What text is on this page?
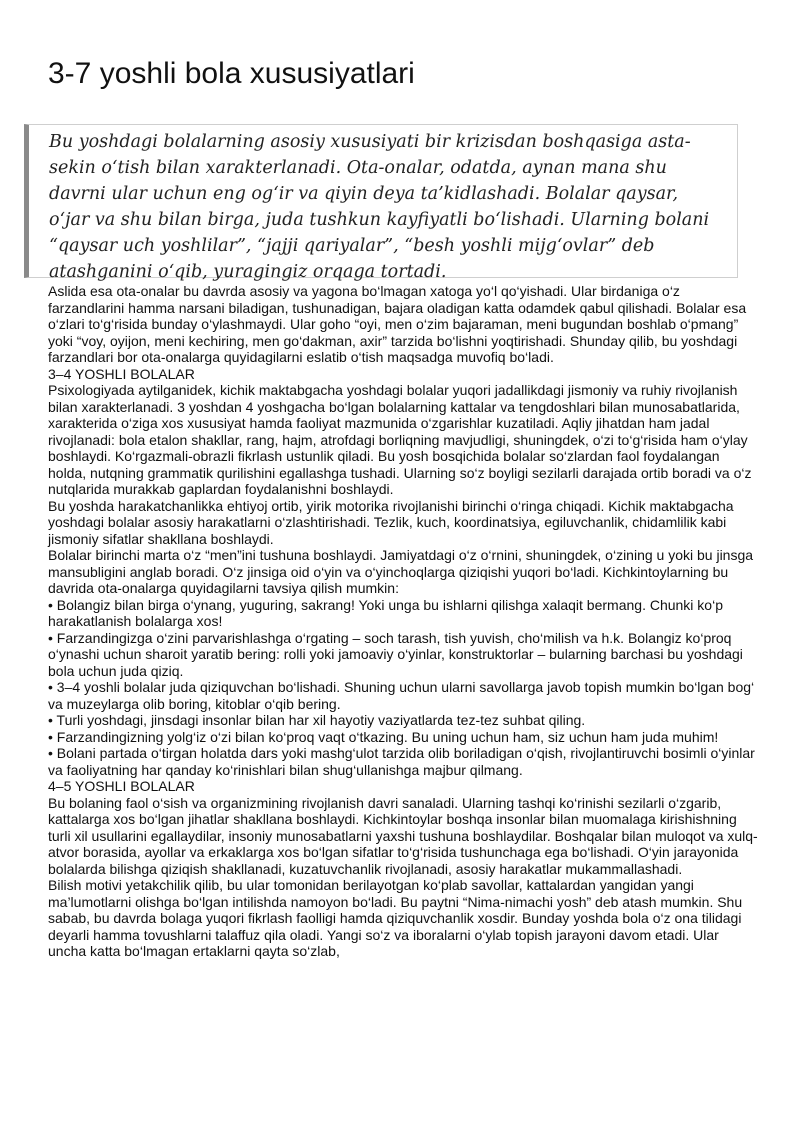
3-7 yoshli bola xususiyatlari

Bu yoshdagi bolalarning asosiy xususiyati bir krizisdan boshqasiga asta-sekin o‘tish bilan xarakterlanadi. Ota-onalar, odatda, aynan mana shu davrni ular uchun eng og‘ir va qiyin deya ta’kidlashadi. Bolalar qaysar, o‘jar va shu bilan birga, juda tushkun kayfiyatli bo‘lishadi. Ularning bolani “qaysar uch yoshlilar”, “jajji qariyalar”, “besh yoshli mijg‘ovlar” deb atashganini o‘qib, yuragingiz orqaga tortadi.

Aslida esa ota-onalar bu davrda asosiy va yagona bo‘lmagan xatoga yo‘l qo‘yishadi. Ular birdaniga o‘z farzandlarini hamma narsani biladigan, tushunadigan, bajara oladigan katta odamdek qabul qilishadi. Bolalar esa o‘zlari to‘g‘risida bunday o‘ylashmaydi. Ular goho “oyi, men o‘zim bajaraman, meni bugundan boshlab o‘pmang” yoki “voy, oyijon, meni kechiring, men go‘dakman, axir” tarzida bo‘lishni yoqtirishadi. Shunday qilib, bu yoshdagi farzandlari bor ota-onalarga quyidagilarni eslatib o‘tish maqsadga muvofiq bo‘ladi.

3–4 YOSHLI BOLALAR

Psixologiyada aytilganidek, kichik maktabgacha yoshdagi bolalar yuqori jadallikdagi jismoniy va ruhiy rivojlanish bilan xarakterlanadi. 3 yoshdan 4 yoshgacha bo‘lgan bolalarning kattalar va tengdoshlari bilan munosabatlarida, xarakterida o‘ziga xos xususiyat hamda faoliyat mazmunida o‘zgarishlar kuzatiladi. Aqliy jihatdan ham jadal rivojlanadi: bola etalon shakllar, rang, hajm, atrofdagi borliqning mavjudligi, shuningdek, o‘zi to‘g‘risida ham o‘ylay boshlaydi. Ko‘rgazmali-obrazli fikrlash ustunlik qiladi. Bu yosh bosqichida bolalar so‘zlardan faol foydalangan holda, nutqning grammatik qurilishini egallashga tushadi. Ularning so‘z boyligi sezilarli darajada ortib boradi va o‘z nutqlarida murakkab gaplardan foydalanishni boshlaydi.

Bu yoshda harakatchanlikka ehtiyoj ortib, yirik motorika rivojlanishi birinchi o‘ringa chiqadi. Kichik maktabgacha yoshdagi bolalar asosiy harakatlarni o‘zlashtirishadi. Tezlik, kuch, koordinatsiya, egiluvchanlik, chidamlilik kabi jismoniy sifatlar shakllana boshlaydi.

Bolalar birinchi marta o‘z “men”ini tushuna boshlaydi. Jamiyatdagi o‘z o‘rnini, shuningdek, o‘zining u yoki bu jinsga mansubligini anglab boradi. O‘z jinsiga oid o‘yin va o‘yinchoqlarga qiziqishi yuqori bo‘ladi. Kichkintoylarning bu davrida ota-onalarga quyidagilarni tavsiya qilish mumkin:

• Bolangiz bilan birga o‘ynang, yuguring, sakrang! Yoki unga bu ishlarni qilishga xalaqit bermang. Chunki ko‘p harakatlanish bolalarga xos!

• Farzandingizga o‘zini parvarishlashga o‘rgating – soch tarash, tish yuvish, cho‘milish va h.k. Bolangiz ko‘proq o‘ynashi uchun sharoit yaratib bering: rolli yoki jamoaviy o‘yinlar, konstruktorlar – bularning barchasi bu yoshdagi bola uchun juda qiziq.

• 3–4 yoshli bolalar juda qiziquvchan bo‘lishadi. Shuning uchun ularni savollarga javob topish mumkin bo‘lgan bog‘ va muzeylarga olib boring, kitoblar o‘qib bering.

• Turli yoshdagi, jinsdagi insonlar bilan har xil hayotiy vaziyatlarda tez-tez suhbat qiling.

• Farzandingizning yolg‘iz o‘zi bilan ko‘proq vaqt o‘tkazing. Bu uning uchun ham, siz uchun ham juda muhim!

• Bolani partada o‘tirgan holatda dars yoki mashg‘ulot tarzida olib boriladigan o‘qish, rivojlantiruvchi bosimli o‘yinlar va faoliyatning har qanday ko‘rinishlari bilan shug‘ullanishga majbur qilmang.

4–5 YOSHLI BOLALAR

Bu bolaning faol o‘sish va organizmining rivojlanish davri sanaladi. Ularning tashqi ko‘rinishi sezilarli o‘zgarib, kattalarga xos bo‘lgan jihatlar shakllana boshlaydi. Kichkintoylar boshqa insonlar bilan muomalaga kirishishning turli xil usullarini egallaydilar, insoniy munosabatlarni yaxshi tushuna boshlaydilar. Boshqalar bilan muloqot va xulq-atvor borasida, ayollar va erkaklarga xos bo‘lgan sifatlar to‘g‘risida tushunchaga ega bo‘lishadi. O‘yin jarayonida bolalarda bilishga qiziqish shakllanadi, kuzatuvchanlik rivojlanadi, asosiy harakatlar mukammallashadi.

Bilish motivi yetakchilik qilib, bu ular tomonidan berilayotgan ko‘plab savollar, kattalardan yangidan yangi ma’lumotlarni olishga bo‘lgan intilishda namoyon bo‘ladi. Bu paytni “Nima-nimachi yosh” deb atash mumkin. Shu sabab, bu davrda bolaga yuqori fikrlash faolligi hamda qiziquvchanlik xosdir. Bunday yoshda bola o‘z ona tilidagi deyarli hamma tovushlarni talaffuz qila oladi. Yangi so‘z va iboralarni o‘ylab topish jarayoni davom etadi. Ular uncha katta bo‘lmagan ertaklarni qayta so‘zlab,
